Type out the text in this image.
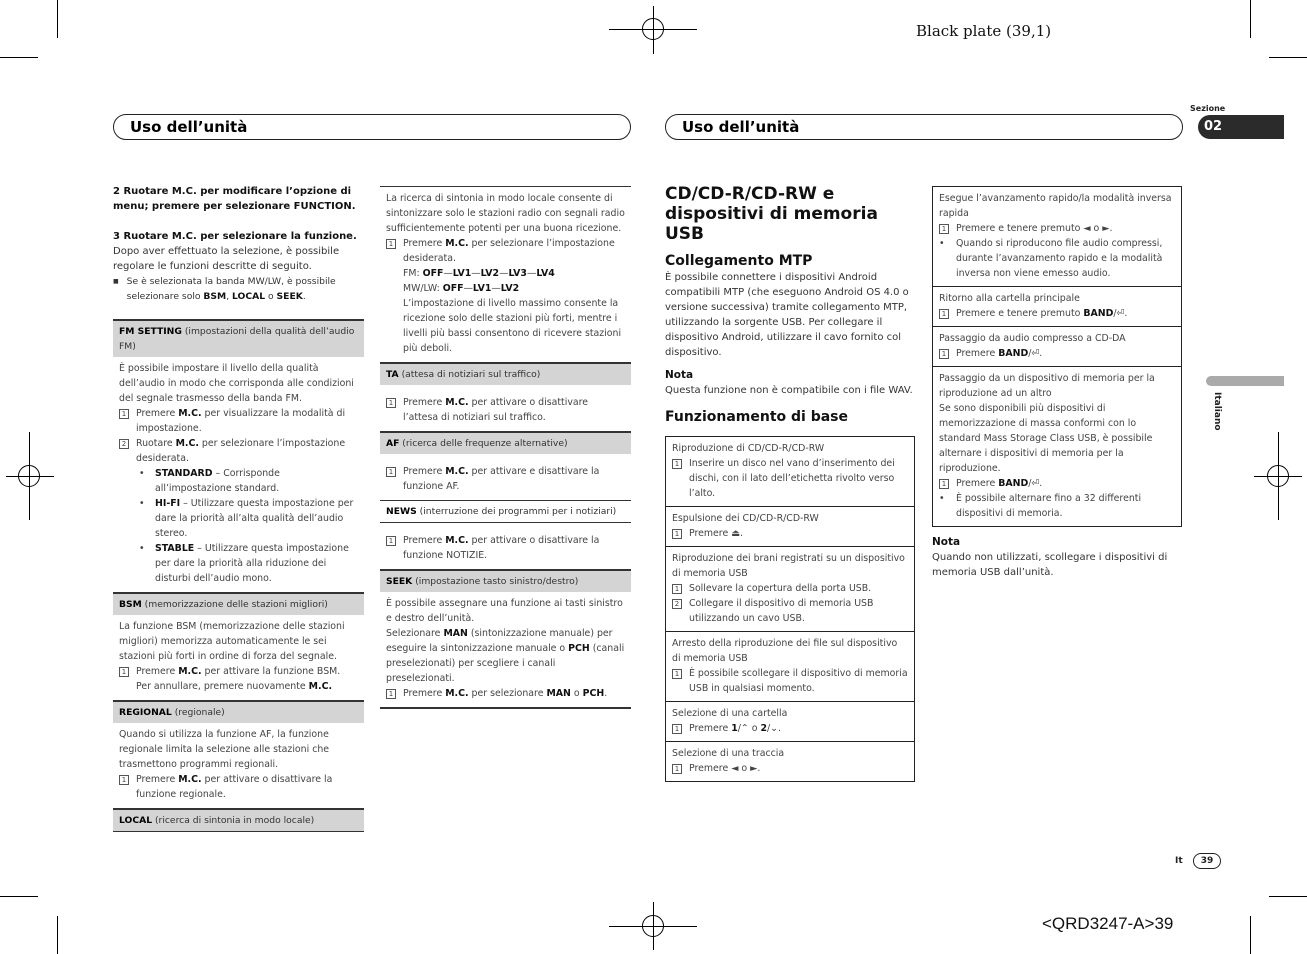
Black plate (39,1)
<QRD3247-A>39
Uso dell’unità	Uso dell’unità
Sezione
02
Italiano
It	39
2 Ruotare M.C. per modificare l’opzione di menu; premere per selezionare FUNCTION.
3 Ruotare M.C. per selezionare la funzione.
Dopo aver effettuato la selezione, è possibile regolare le funzioni descritte di seguito.
■ Se è selezionata la banda MW/LW, è possibile selezionare solo BSM, LOCAL o SEEK.
FM SETTING (impostazioni della qualità dell’audio FM)
È possibile impostare il livello della qualità dell’audio in modo che corrisponda alle condizioni del segnale trasmesso della banda FM.
1 Premere M.C. per visualizzare la modalità di impostazione.
2 Ruotare M.C. per selezionare l’impostazione desiderata.
•	STANDARD – Corrisponde all’impostazione standard.
•	HI-FI – Utilizzare questa impostazione per dare la priorità all’alta qualità dell’audio stereo.
•	STABLE – Utilizzare questa impostazione per dare la priorità alla riduzione dei disturbi dell’audio mono.
BSM (memorizzazione delle stazioni migliori)
La funzione BSM (memorizzazione delle stazioni migliori) memorizza automaticamente le sei stazioni più forti in ordine di forza del segnale.
1 Premere M.C. per attivare la funzione BSM. Per annullare, premere nuovamente M.C.
REGIONAL (regionale)
Quando si utilizza la funzione AF, la funzione regionale limita la selezione alle stazioni che trasmettono programmi regionali.
1 Premere M.C. per attivare o disattivare la funzione regionale.
LOCAL (ricerca di sintonia in modo locale)
La ricerca di sintonia in modo locale consente di sintonizzare solo le stazioni radio con segnali radio sufficientemente potenti per una buona ricezione.
1 Premere M.C. per selezionare l’impostazione desiderata.
FM: OFF—LV1—LV2—LV3—LV4
MW/LW: OFF—LV1—LV2
L’impostazione di livello massimo consente la ricezione solo delle stazioni più forti, mentre i livelli più bassi consentono di ricevere stazioni più deboli.
TA (attesa di notiziari sul traffico)
1 Premere M.C. per attivare o disattivare l’attesa di notiziari sul traffico.
AF (ricerca delle frequenze alternative)
1 Premere M.C. per attivare e disattivare la funzione AF.
NEWS (interruzione dei programmi per i notiziari)
1 Premere M.C. per attivare o disattivare la funzione NOTIZIE.
SEEK (impostazione tasto sinistro/destro)
È possibile assegnare una funzione ai tasti sinistro e destro dell’unità.
Selezionare MAN (sintonizzazione manuale) per eseguire la sintonizzazione manuale o PCH (canali preselezionati) per scegliere i canali preselezionati.
1 Premere M.C. per selezionare MAN o PCH.
CD/CD-R/CD-RW e dispositivi di memoria USB
Collegamento MTP
È possibile connettere i dispositivi Android compatibili MTP (che eseguono Android OS 4.0 o versione successiva) tramite collegamento MTP, utilizzando la sorgente USB. Per collegare il dispositivo Android, utilizzare il cavo fornito col dispositivo.
Nota
Questa funzione non è compatibile con i file WAV.
Funzionamento di base
Riproduzione di CD/CD-R/CD-RW
1 Inserire un disco nel vano d’inserimento dei dischi, con il lato dell’etichetta rivolto verso l’alto.
Espulsione dei CD/CD-R/CD-RW
1 Premere ⏏.
Riproduzione dei brani registrati su un dispositivo di memoria USB
1 Sollevare la copertura della porta USB.
2 Collegare il dispositivo di memoria USB utilizzando un cavo USB.
Arresto della riproduzione dei file sul dispositivo di memoria USB
1 È possibile scollegare il dispositivo di memoria USB in qualsiasi momento.
Selezione di una cartella
1 Premere 1/⌃ o 2/⌄.
Selezione di una traccia
1 Premere ◄ o ►.
Esegue l’avanzamento rapido/la modalità inversa rapida
1 Premere e tenere premuto ◄ o ►.
•	Quando si riproducono file audio compressi, durante l’avanzamento rapido e la modalità inversa non viene emesso audio.
Ritorno alla cartella principale
1 Premere e tenere premuto BAND/⏎.
Passaggio da audio compresso a CD-DA
1 Premere BAND/⏎.
Passaggio da un dispositivo di memoria per la riproduzione ad un altro
Se sono disponibili più dispositivi di memorizzazione di massa conformi con lo standard Mass Storage Class USB, è possibile alternare i dispositivi di memoria per la riproduzione.
1 Premere BAND/⏎.
•	È possibile alternare fino a 32 differenti dispositivi di memoria.
Nota
Quando non utilizzati, scollegare i dispositivi di memoria USB dall’unità.
